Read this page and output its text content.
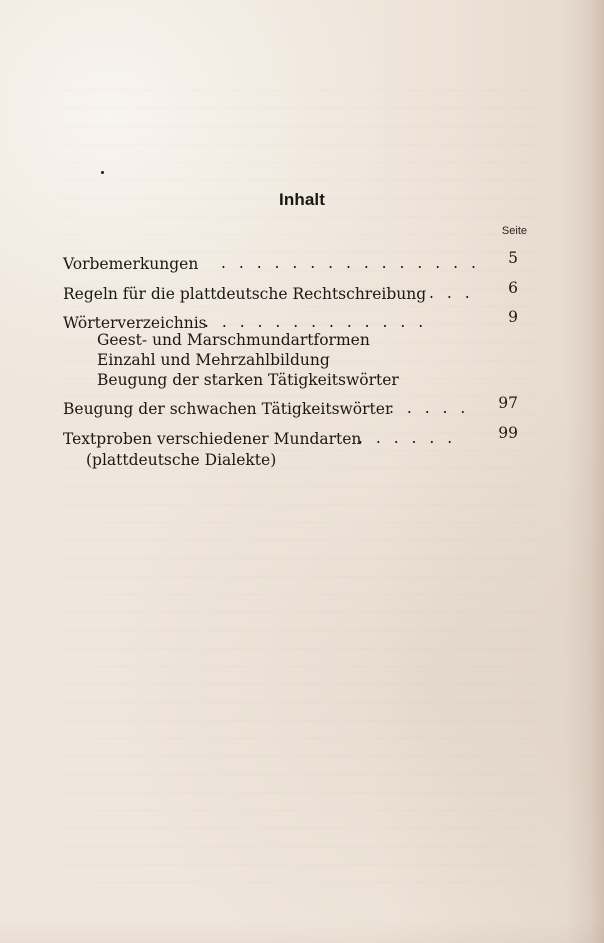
Inhalt
Seite
Vorbemerkungen . . . . . . . . . . . . . . . 5
Regeln für die plattdeutsche Rechtschreibung . . . 6
Wörterverzeichnis
. . . . . . . . . . . . .	9
Geest- und Marschmundartformen
Einzahl und Mehrzahlbildung
Beugung der starken Tätigkeitswörter
Beugung der schwachen Tätigkeitswörter
. . . . . 97
Textproben verschiedener Mundarten
. . . . . .	99
(plattdeutsche Dialekte)
